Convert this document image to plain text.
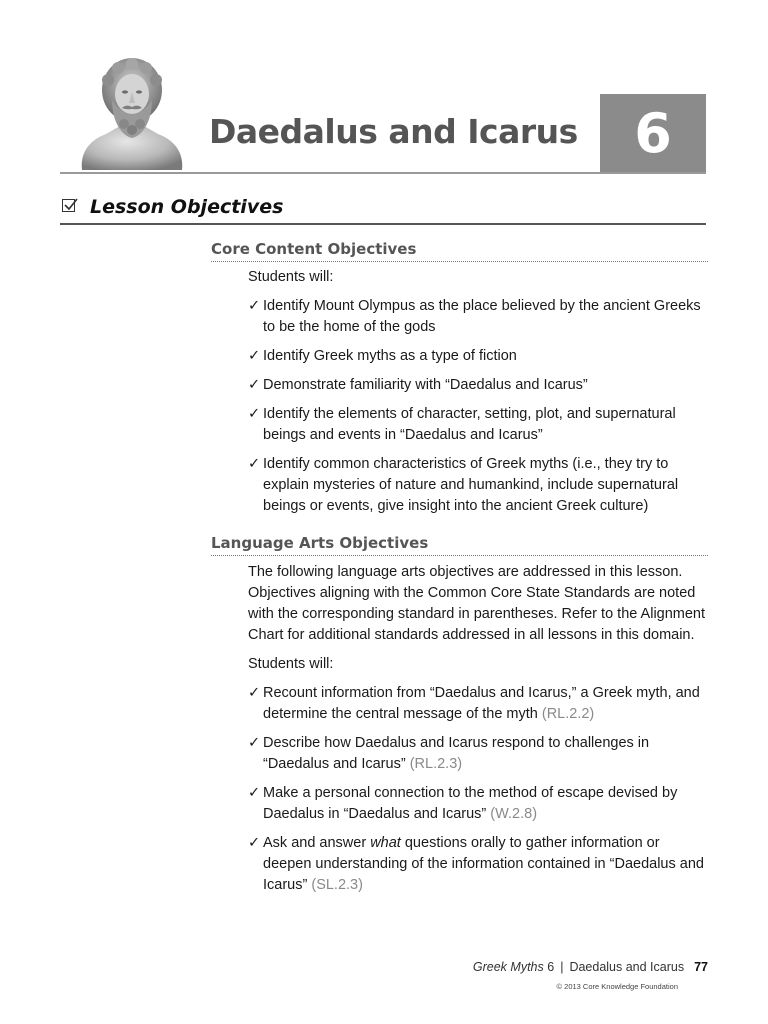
Daedalus and Icarus	6
Lesson Objectives
Core Content Objectives

Students will:

✓ Identify Mount Olympus as the place believed by the ancient Greeks to be the home of the gods
✓ Identify Greek myths as a type of fiction
✓ Demonstrate familiarity with “Daedalus and Icarus”
✓ Identify the elements of character, setting, plot, and supernatural beings and events in “Daedalus and Icarus”
✓ Identify common characteristics of Greek myths (i.e., they try to explain mysteries of nature and humankind, include supernatural beings or events, give insight into the ancient Greek culture)
Language Arts Objectives

The following language arts objectives are addressed in this lesson. Objectives aligning with the Common Core State Standards are noted with the corresponding standard in parentheses. Refer to the Alignment Chart for additional standards addressed in all lessons in this domain.

Students will:

✓ Recount information from “Daedalus and Icarus,” a Greek myth, and determine the central message of the myth (RL.2.2)
✓ Describe how Daedalus and Icarus respond to challenges in “Daedalus and Icarus” (RL.2.3)
✓ Make a personal connection to the method of escape devised by Daedalus in “Daedalus and Icarus” (W.2.8)
✓ Ask and answer what questions orally to gather information or deepen understanding of the information contained in “Daedalus and Icarus” (SL.2.3)
Greek Myths 6 | Daedalus and Icarus 77
© 2013 Core Knowledge Foundation
